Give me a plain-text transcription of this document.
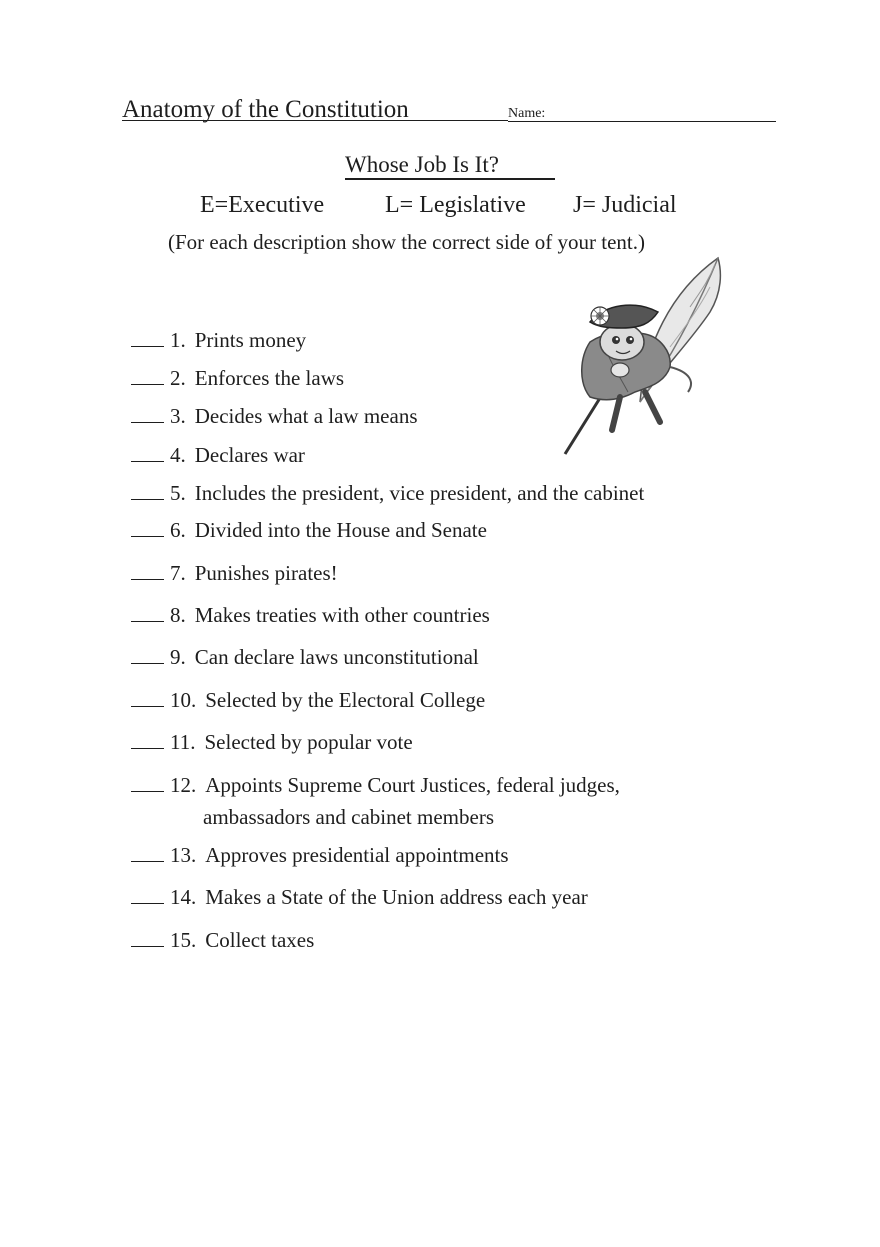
Anatomy of the Constitution	Name:
Whose Job Is It?
E=Executive	L= Legislative J= Judicial
(For each description show the correct side of your tent.)
1. Prints money
2. Enforces the laws
3. Decides what a law means
4. Declares war
5. Includes the president, vice president, and the cabinet
6. Divided into the House and Senate
7. Punishes pirates!
8. Makes treaties with other countries
9. Can declare laws unconstitutional
10. Selected by the Electoral College
11. Selected by popular vote
12. Appoints Supreme Court Justices, federal judges,
ambassadors and cabinet members
13. Approves presidential appointments
14. Makes a State of the Union address each year
15. Collect taxes
